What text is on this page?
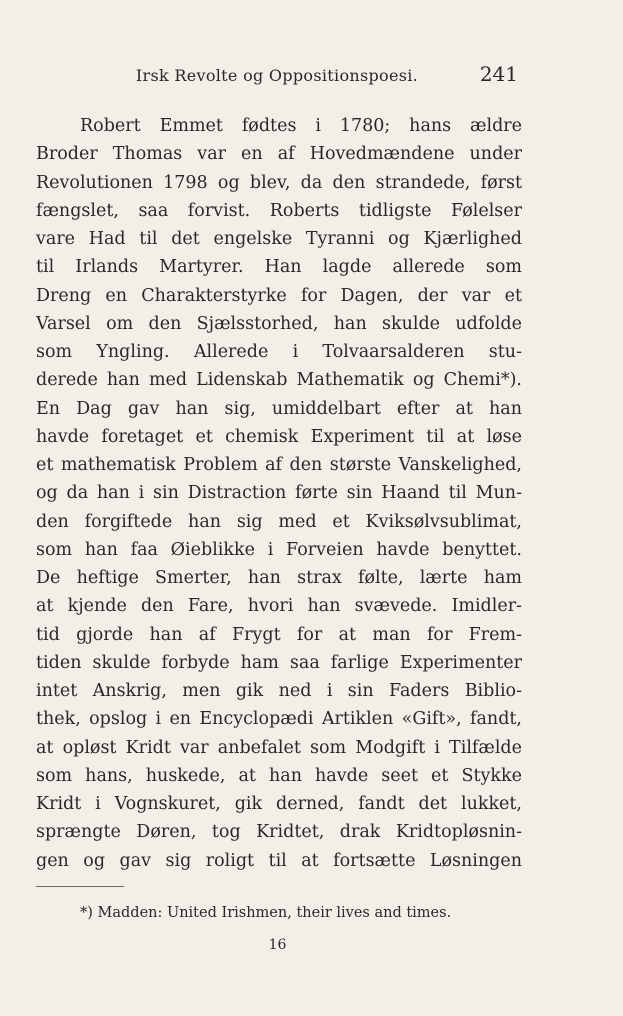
Irsk Revolte og Oppositionspoesi.	241
Robert Emmet fødtes i 1780; hans ældre
Broder Thomas var en af Hovedmændene under
Revolutionen 1798 og blev, da den strandede, først
fængslet, saa forvist. Roberts tidligste Følelser
vare Had til det engelske Tyranni og Kjærlighed
til Irlands Martyrer. Han lagde allerede som
Dreng en Charakterstyrke for Dagen, der var et
Varsel om den Sjælsstorhed, han skulde udfolde
som Yngling. Allerede i Tolvaarsalderen stu-
derede han med Lidenskab Mathematik og Chemi*).
En Dag gav han sig, umiddelbart efter at han
havde foretaget et chemisk Experiment til at løse
et mathematisk Problem af den største Vanskelighed,
og da han i sin Distraction førte sin Haand til Mun-
den forgiftede han sig med et Kviksølvsublimat,
som han faa Øieblikke i Forveien havde benyttet.
De heftige Smerter, han strax følte, lærte ham
at kjende den Fare, hvori han svævede. Imidler-
tid gjorde han af Frygt for at man for Frem-
tiden skulde forbyde ham saa farlige Experimenter
intet Anskrig, men gik ned i sin Faders Biblio-
thek, opslog i en Encyclopædi Artiklen «Gift», fandt,
at opløst Kridt var anbefalet som Modgift i Tilfælde
som hans, huskede, at han havde seet et Stykke
Kridt i Vognskuret, gik derned, fandt det lukket,
sprængte Døren, tog Kridtet, drak Kridtopløsnin-
gen og gav sig roligt til at fortsætte Løsningen
*) Madden: United Irishmen, their lives and times.
16
